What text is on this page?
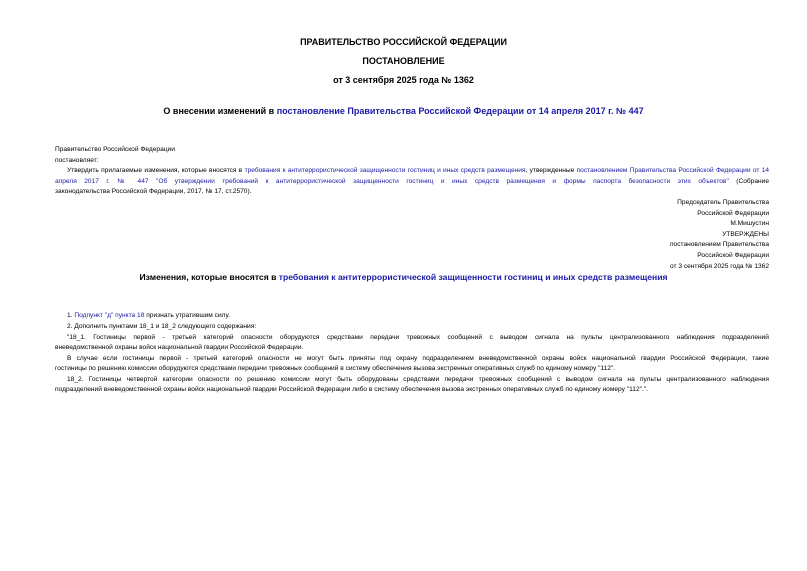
ПРАВИТЕЛЬСТВО РОССИЙСКОЙ ФЕДЕРАЦИИ
ПОСТАНОВЛЕНИЕ
от 3 сентября 2025 года № 1362
О внесении изменений в постановление Правительства Российской Федерации от 14 апреля 2017 г. № 447
Правительство Российской Федерации
постановляет:
Утвердить прилагаемые изменения, которые вносятся в требования к антитеррористической защищенности гостиниц и иных средств размещения, утвержденные постановлением Правительства Российской Федерации от 14 апреля 2017 г. № 447 "Об утверждении требований к антитеррористической защищенности гостиниц и иных средств размещения и формы паспорта безопасности этих объектов" (Собрание
законодательства Российской Федерации, 2017, № 17, ст.2570).
Председатель Правительства
Российской Федерации
М.Мишустин
УТВЕРЖДЕНЫ
постановлением Правительства
Российской Федерации
от 3 сентября 2025 года № 1362
Изменения, которые вносятся в требования к антитеррористической защищенности гостиниц и иных средств размещения
1. Подпункт "д" пункта 18 признать утратившим силу.
2. Дополнить пунктами 18_1 и 18_2 следующего содержания:
"18_1. Гостиницы первой - третьей категорий опасности оборудуются средствами передачи тревожных сообщений с выводом сигнала на пульты централизованного наблюдения подразделений
вневедомственной охраны войск национальной гвардии Российской Федерации.
В случае если гостиницы первой - третьей категорий опасности не могут быть приняты под охрану подразделением вневедомственной охраны войск национальной гвардии Российской Федерации, такие
гостиницы по решению комиссии оборудуются средствами передачи тревожных сообщений в систему обеспечения вызова экстренных оперативных служб по единому номеру "112".
18_2. Гостиницы четвертой категории опасности по решению комиссии могут быть оборудованы средствами передачи тревожных сообщений с выводом сигнала на пульты централизованного наблюдения
подразделений вневедомственной охраны войск национальной гвардии Российской Федерации либо в систему обеспечения вызова экстренных оперативных служб по единому номеру "112".".
